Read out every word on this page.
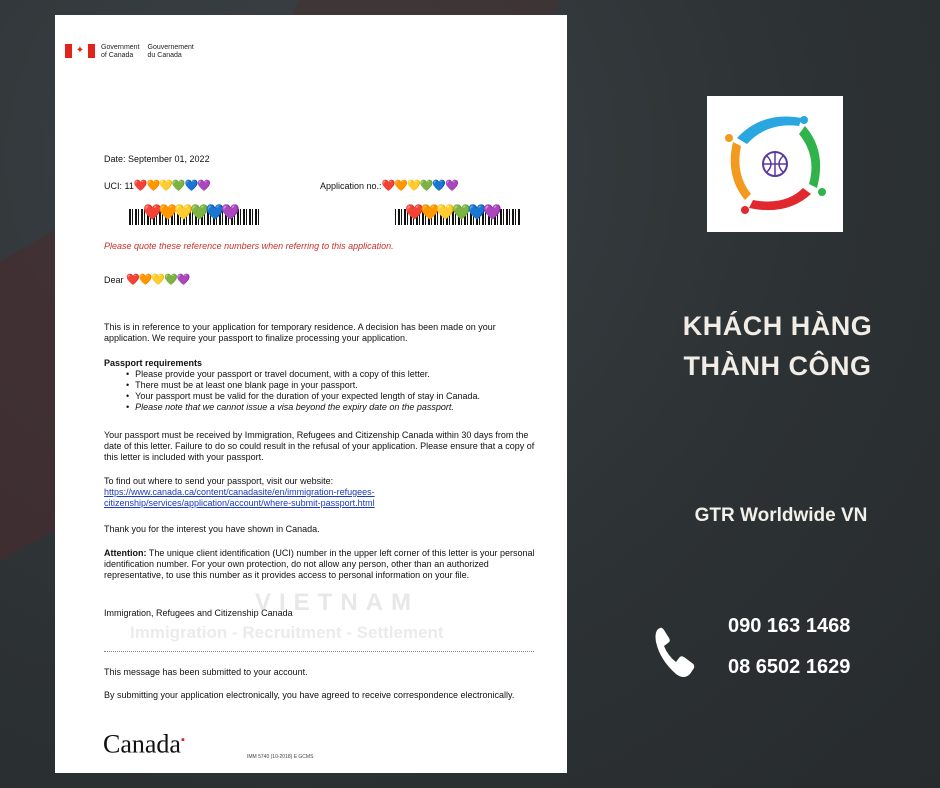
✦ Government
of Canada
Gouvernement
du Canada
Date: September 01, 2022
UCI: 11❤️🧡💛💚💙💜	Application no.:❤️🧡💛💚💙💜
❤️🧡💛💚💙💜	❤️🧡💛💚💙💜
Please quote these reference numbers when referring to this application.
Dear ❤️🧡💛💚💜
VIETNAM
Immigration - Recruitment - Settlement
This is in reference to your application for temporary residence. A decision has been made on your application. We require your passport to finalize processing your application.
Passport requirements
• Please provide your passport or travel document, with a copy of this letter.
• There must be at least one blank page in your passport.
• Your passport must be valid for the duration of your expected length of stay in Canada.
• Please note that we cannot issue a visa beyond the expiry date on the passport.
Your passport must be received by Immigration, Refugees and Citizenship Canada within 30 days from the date of this letter. Failure to do so could result in the refusal of your application. Please ensure that a copy of this letter is included with your passport.
To find out where to send your passport, visit our website: https://www.canada.ca/content/canadasite/en/immigration-refugees-citizenship/services/application/account/where-submit-passport.html
Thank you for the interest you have shown in Canada.
Attention: The unique client identification (UCI) number in the upper left corner of this letter is your personal identification number. For your own protection, do not allow any person, other than an authorized representative, to use this number as it provides access to personal information on your file.
Immigration, Refugees and Citizenship Canada
This message has been submitted to your account.
By submitting your application electronically, you have agreed to receive correspondence electronically.
Canada▪
IMM 5740 (10-2018) E GCMS
KHÁCH HÀNG
THÀNH CÔNG
GTR Worldwide VN
090 163 1468
08 6502 1629
